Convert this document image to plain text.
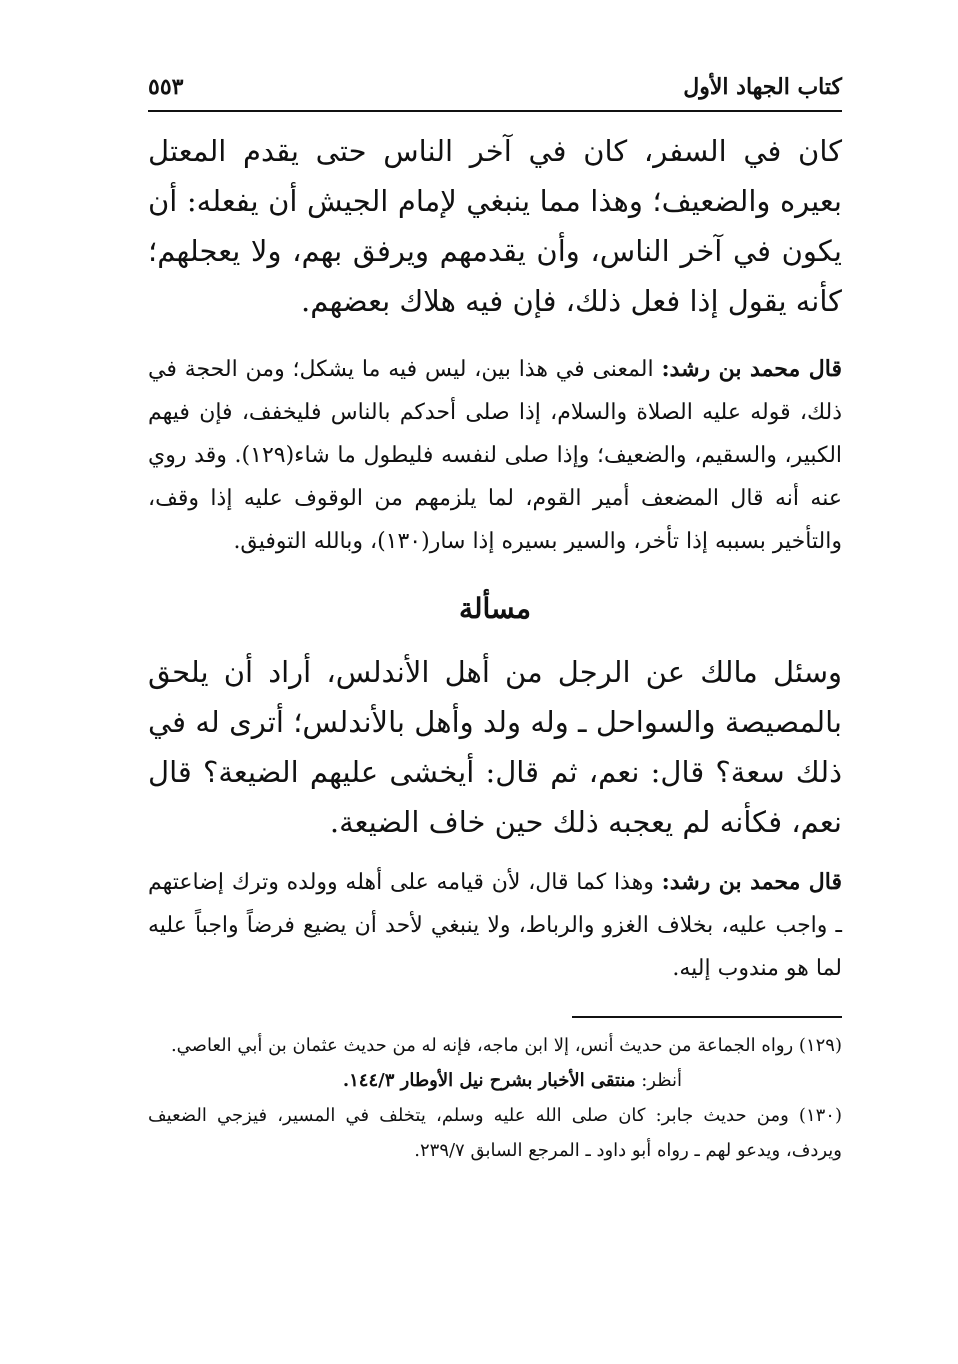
كتاب الجهاد الأول
٥٥٣

كان في السفر، كان في آخر الناس حتى يقدم المعتل بعيره والضعيف؛ وهذا مما ينبغي لإمام الجيش أن يفعله: أن يكون في آخر الناس، وأن يقدمهم ويرفق بهم، ولا يعجلهم؛ كأنه يقول إذا فعل ذلك، فإن فيه هلاك بعضهم.

قال محمد بن رشد: المعنى في هذا بين، ليس فيه ما يشكل؛ ومن الحجة في ذلك، قوله عليه الصلاة والسلام، إذا صلى أحدكم بالناس فليخفف، فإن فيهم الكبير، والسقيم، والضعيف؛ وإذا صلى لنفسه فليطول ما شاء(١٢٩). وقد روي عنه أنه قال المضعف أمير القوم، لما يلزمهم من الوقوف عليه إذا وقف، والتأخير بسببه إذا تأخر، والسير بسيره إذا سار(١٣٠)، وبالله التوفيق.

مسألة

وسئل مالك عن الرجل من أهل الأندلس، أراد أن يلحق بالمصيصة والسواحل ـ وله ولد وأهل بالأندلس؛ أترى له في ذلك سعة؟ قال: نعم، ثم قال: أيخشى عليهم الضيعة؟ قال نعم، فكأنه لم يعجبه ذلك حين خاف الضيعة.

قال محمد بن رشد: وهذا كما قال، لأن قيامه على أهله وولده وترك إضاعتهم ـ واجب عليه، بخلاف الغزو والرباط، ولا ينبغي لأحد أن يضيع فرضاً واجباً عليه لما هو مندوب إليه.

(١٢٩) رواه الجماعة من حديث أنس، إلا ابن ماجه، فإنه له من حديث عثمان بن أبي العاصي.

أنظر: منتقى الأخبار بشرح نيل الأوطار ١٤٤/٣.

(١٣٠) ومن حديث جابر: كان صلى الله عليه وسلم، يتخلف في المسير، فيزجي الضعيف ويردف، ويدعو لهم ـ رواه أبو داود ـ المرجع السابق ٢٣٩/٧.
